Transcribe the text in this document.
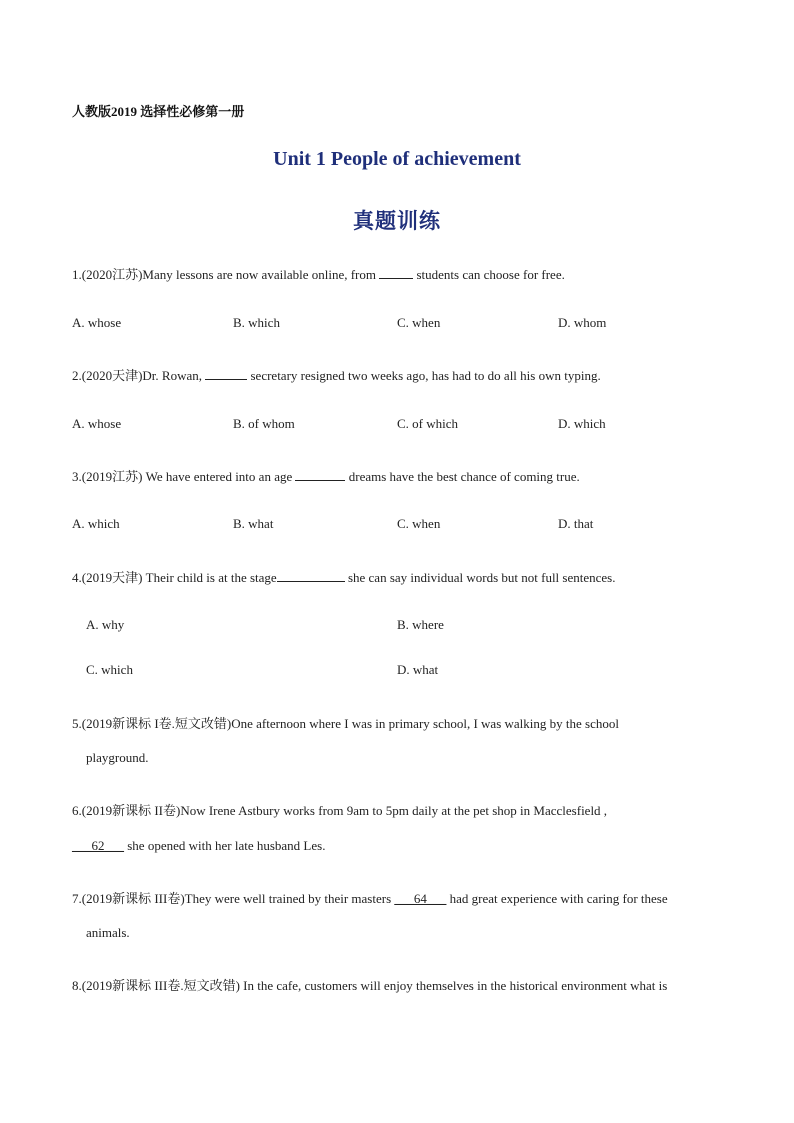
人教版2019 选择性必修第一册
Unit 1 People of achievement
真题训练
1.(2020江苏)Many lessons are now available online, from	students can choose for free.
A. whose	B. which	C. when	D. whom
2.(2020天津)Dr. Rowan,	secretary resigned two weeks ago, has had to do all his own typing.
A. whose	B. of whom	C. of which	D. which
3.(2019江苏) We have entered into an age	dreams have the best chance of coming true.
A. which	B. what	C. when	D. that
4.(2019天津) Their child is at the stage	she can say individual words but not full sentences.
A. why	B. where
C. which	D. what
5.(2019新课标 I卷.短文改错)One afternoon where I was in primary school, I was walking by the school
playground.
6.(2019新课标 II卷)Now Irene Astbury works from 9am to 5pm daily at the pet shop in Macclesfield ,
___62___ she opened with her late husband Les.
7.(2019新课标 III卷)They were well trained by their masters ___64___ had great experience with caring for these
animals.
8.(2019新课标 III卷.短文改错) In the cafe, customers will enjoy themselves in the historical environment what is
